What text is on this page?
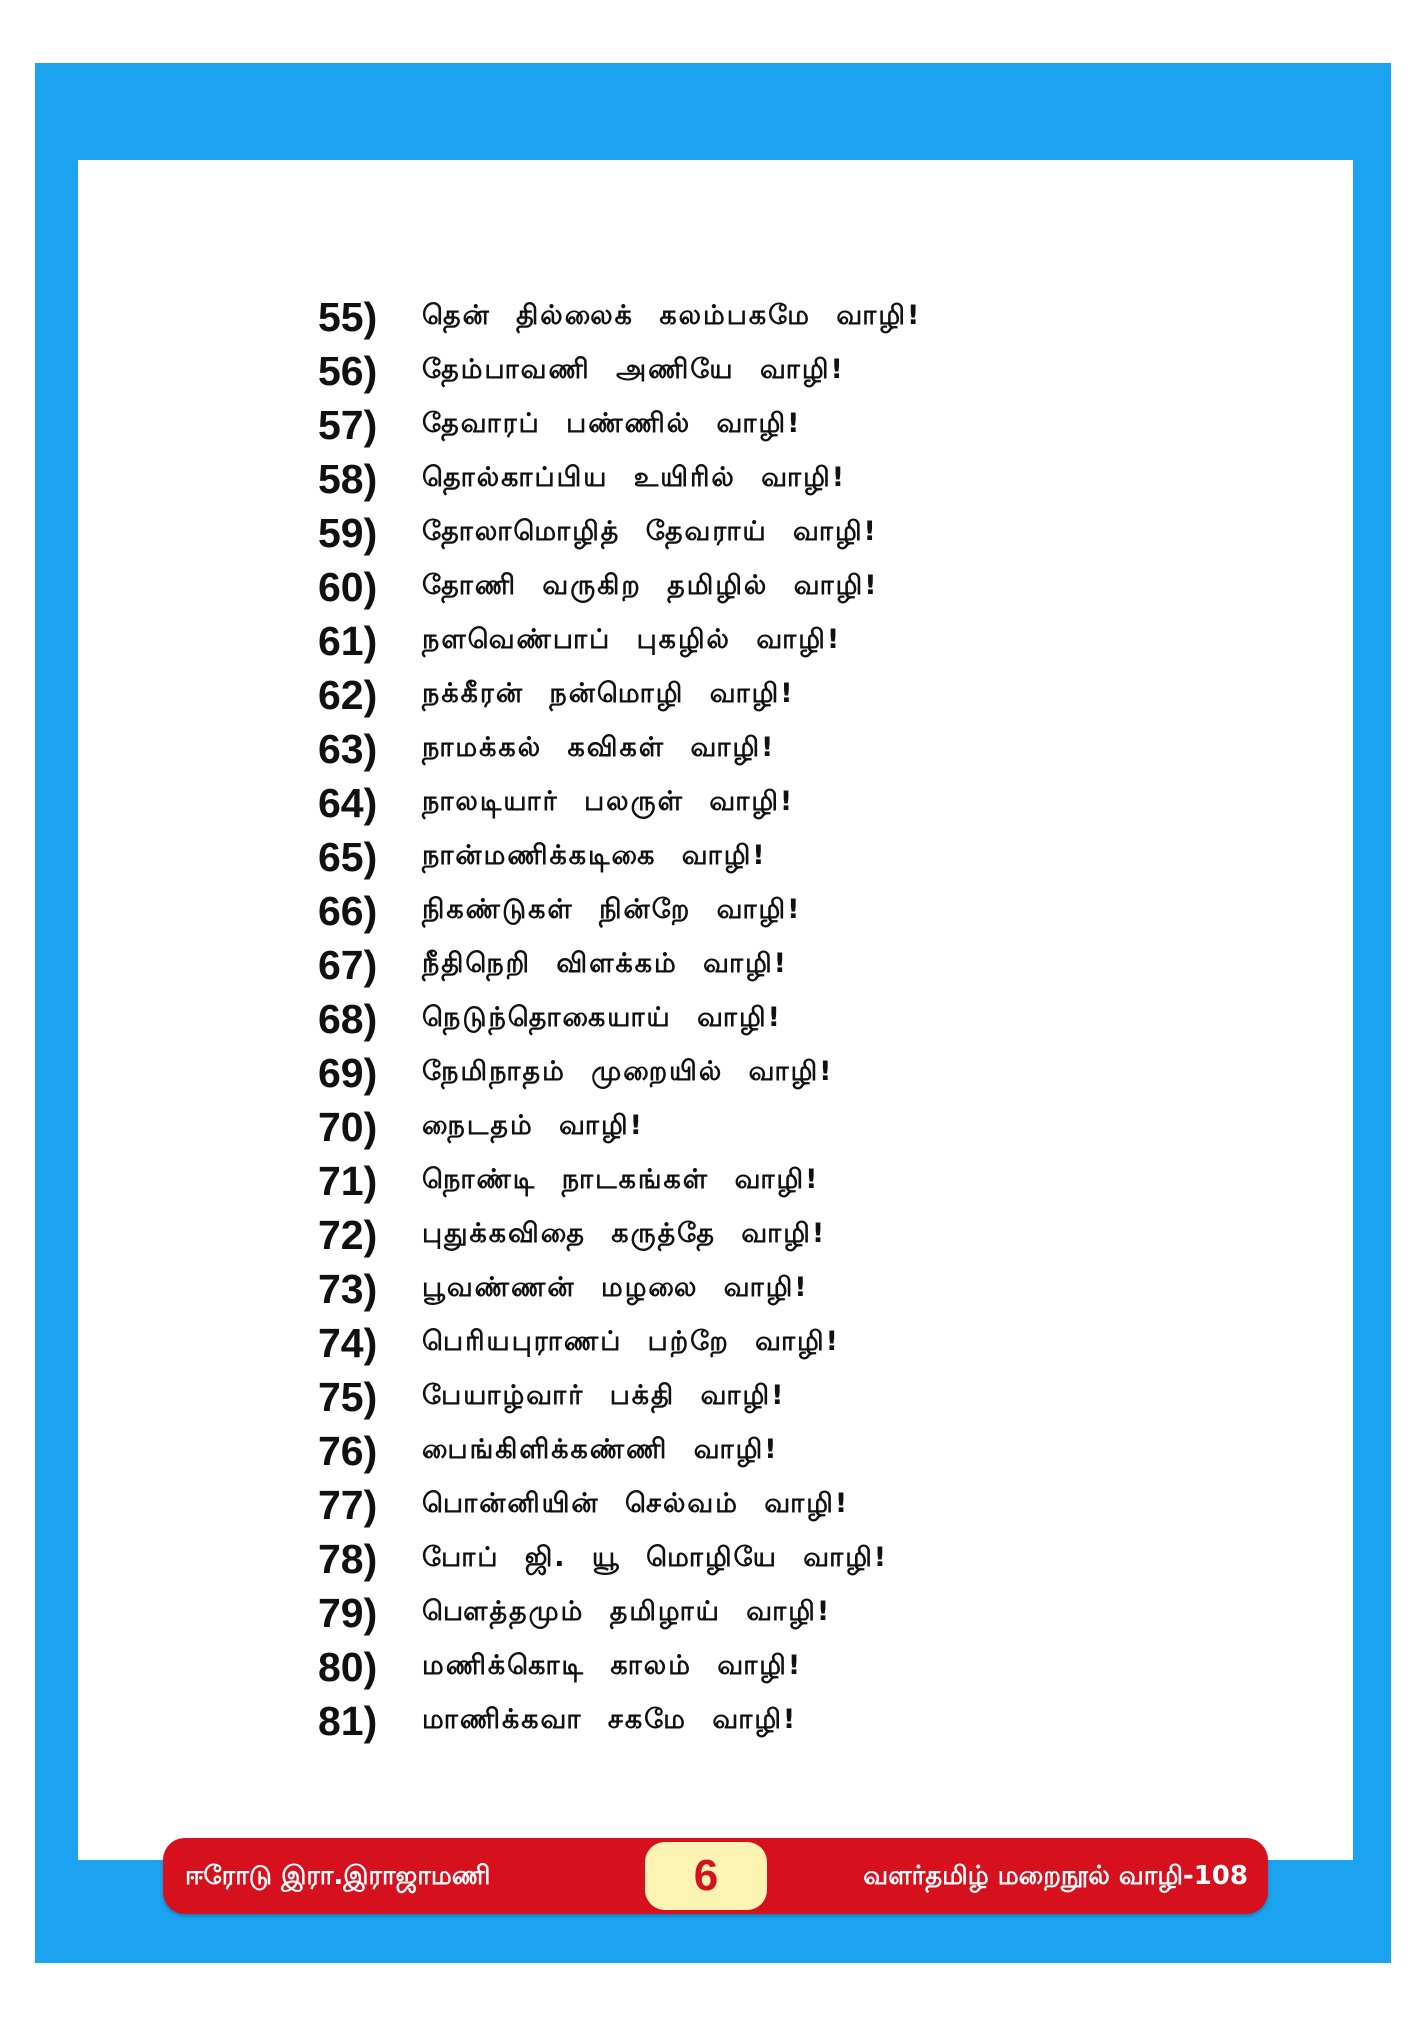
55)	தென் தில்லைக் கலம்பகமே வாழி!
56)	தேம்பாவணி அணியே வாழி!
57)	தேவாரப் பண்ணில் வாழி!
58)	தொல்காப்பிய உயிரில் வாழி!
59)	தோலாமொழித் தேவராய் வாழி!
60)	தோணி வருகிற தமிழில் வாழி!
61)	நளவெண்பாப் புகழில் வாழி!
62)	நக்கீரன் நன்மொழி வாழி!
63)	நாமக்கல் கவிகள் வாழி!
64)	நாலடியார் பலருள் வாழி!
65)	நான்மணிக்கடிகை வாழி!
66)	நிகண்டுகள் நின்றே வாழி!
67)	நீதிநெறி விளக்கம் வாழி!
68)	நெடுந்தொகையாய் வாழி!
69)	நேமிநாதம் முறையில் வாழி!
70)	நைடதம் வாழி!
71)	நொண்டி நாடகங்கள் வாழி!
72)	புதுக்கவிதை கருத்தே வாழி!
73)	பூவண்ணன் மழலை வாழி!
74)	பெரியபுராணப் பற்றே வாழி!
75)	பேயாழ்வார் பக்தி வாழி!
76)	பைங்கிளிக்கண்ணி வாழி!
77)	பொன்னியின் செல்வம் வாழி!
78)	போப் ஜி. யூ மொழியே வாழி!
79)	பௌத்தமும் தமிழாய் வாழி!
80)	மணிக்கொடி காலம் வாழி!
81)	மாணிக்கவா சகமே வாழி!
ஈரோடு இரா.இராஜாமணி	6	வளர்தமிழ் மறைநூல் வாழி-108
